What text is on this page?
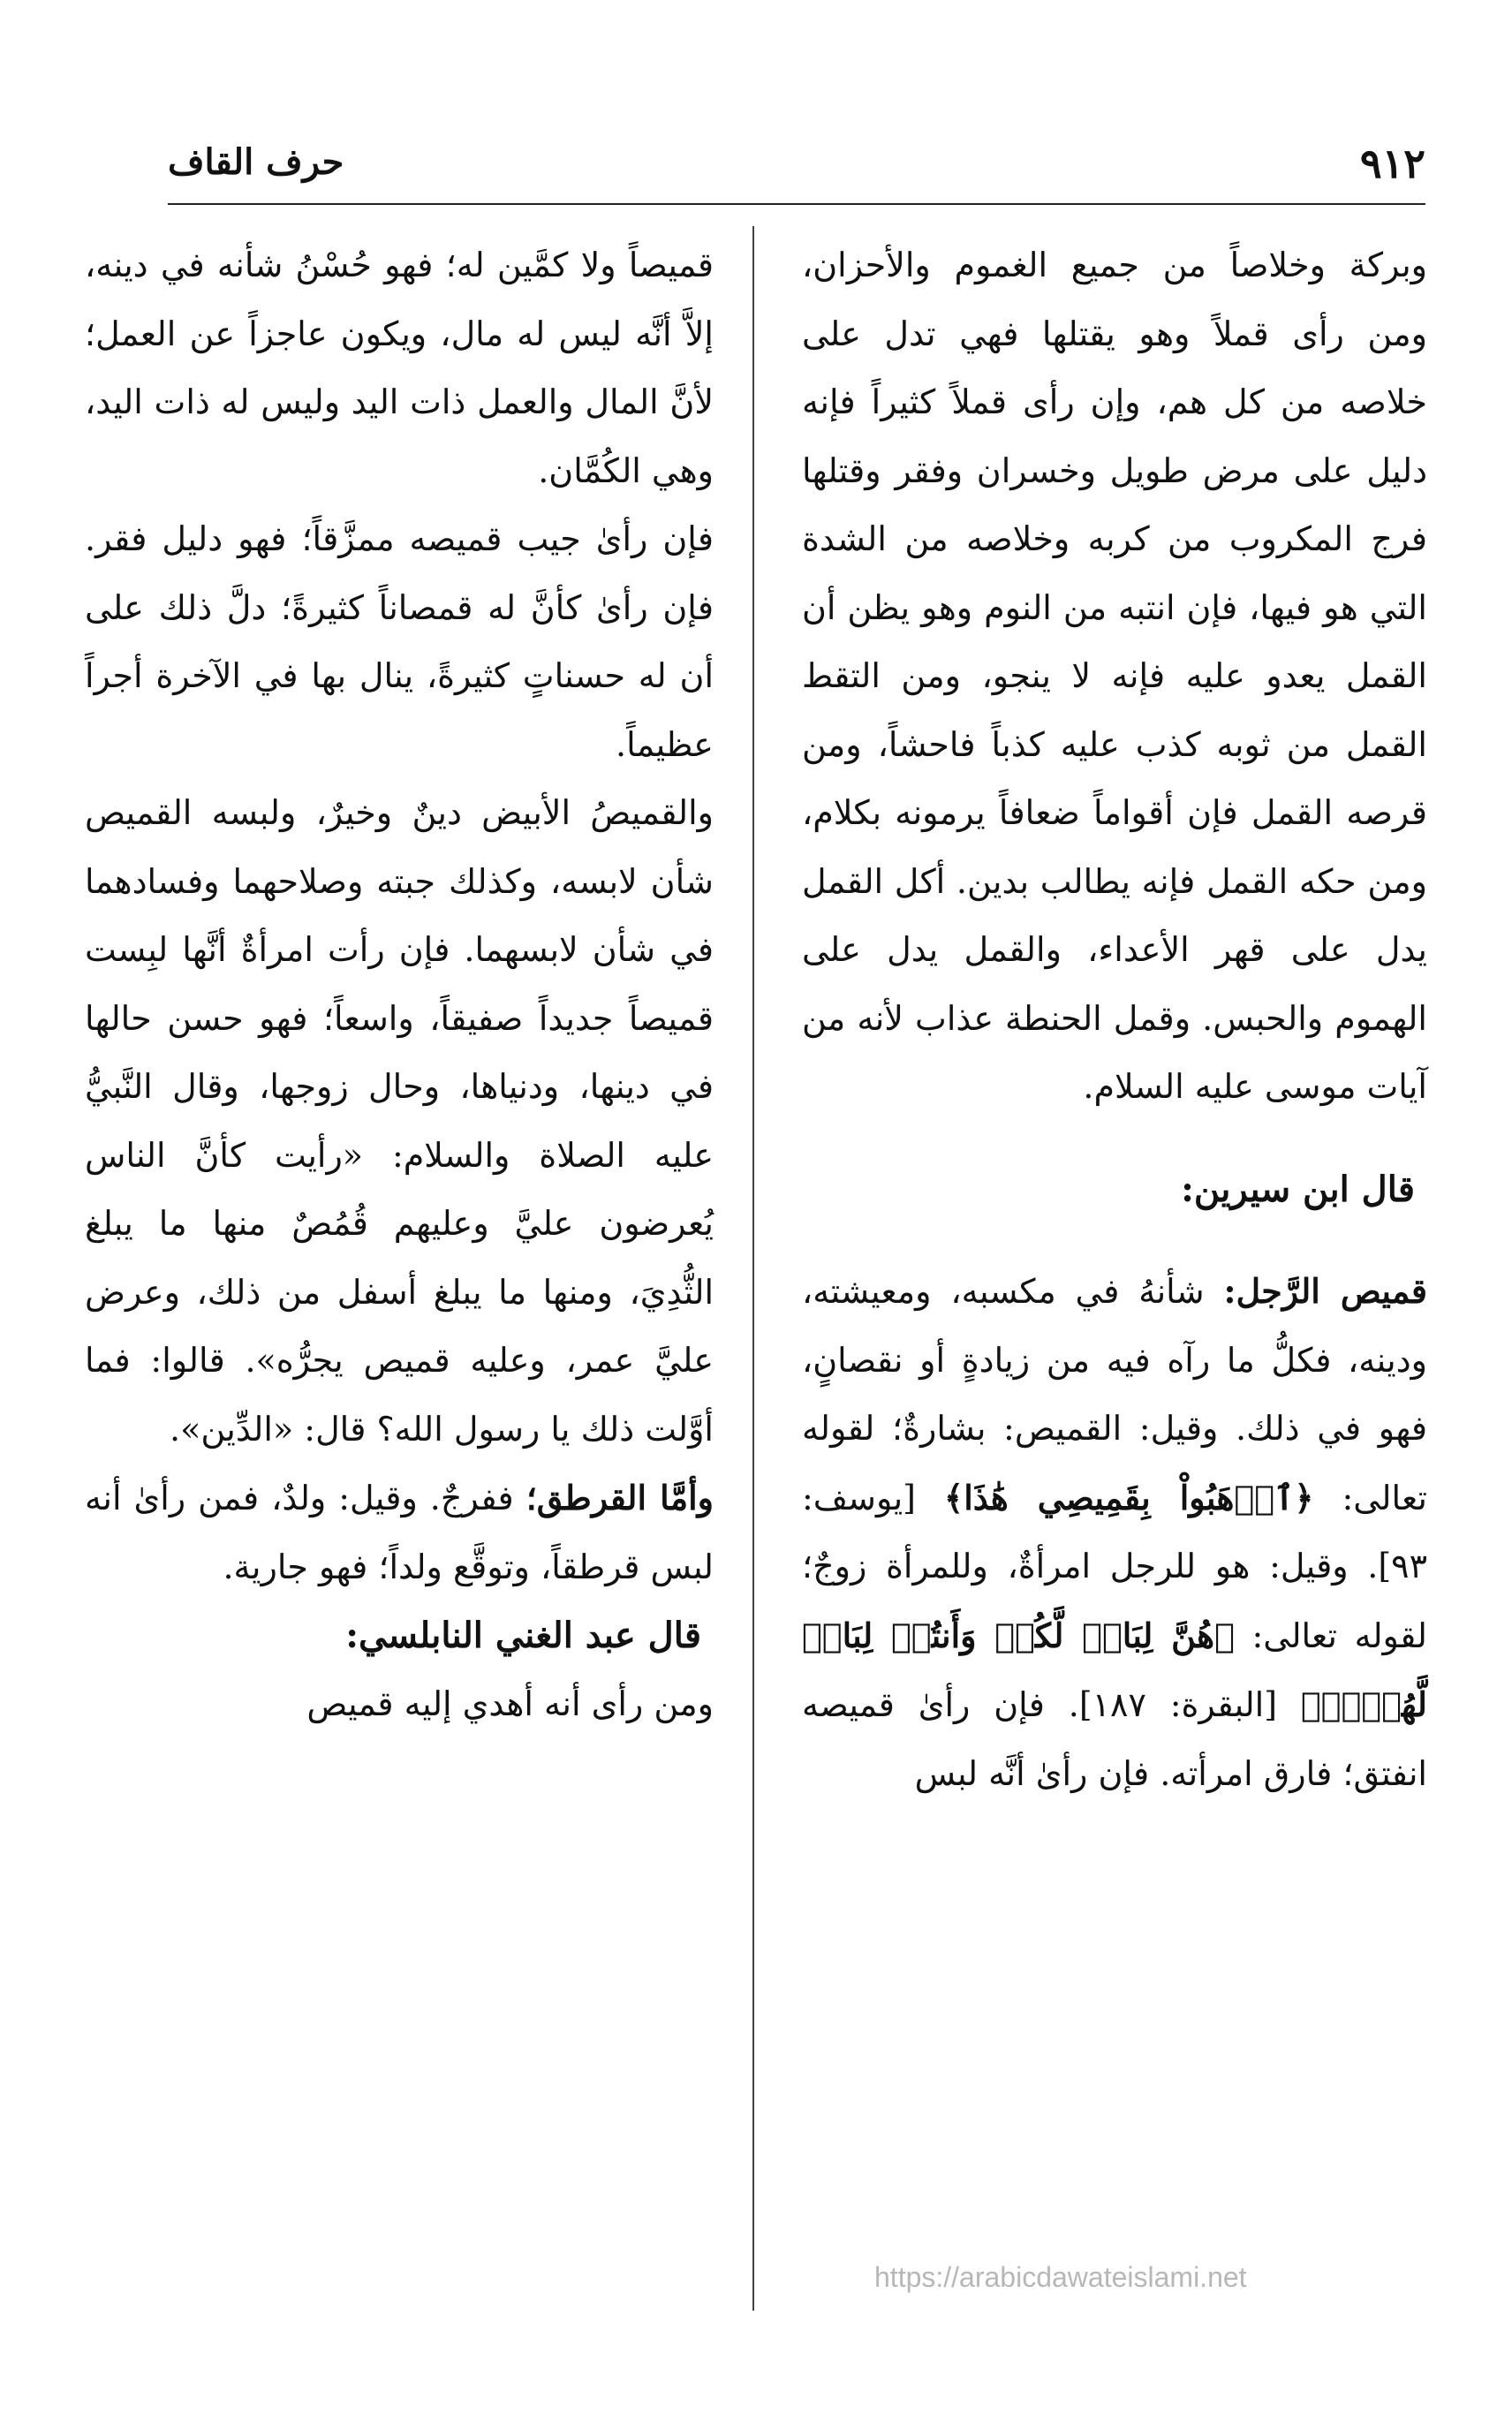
٩١٢
حرف القاف

وبركة وخلاصاً من جميع الغموم والأحزان، ومن رأى قملاً وهو يقتلها فهي تدل على خلاصه من كل هم، وإن رأى قملاً كثيراً فإنه دليل على مرض طويل وخسران وفقر وقتلها فرج المكروب من كربه وخلاصه من الشدة التي هو فيها، فإن انتبه من النوم وهو يظن أن القمل يعدو عليه فإنه لا ينجو، ومن التقط القمل من ثوبه كذب عليه كذباً فاحشاً، ومن قرصه القمل فإن أقواماً ضعافاً يرمونه بكلام، ومن حكه القمل فإنه يطالب بدين. أكل القمل يدل على قهر الأعداء، والقمل يدل على الهموم والحبس. وقمل الحنطة عذاب لأنه من آيات موسى عليه السلام.

قال ابن سيرين:

قميص الرَّجل: شأنهُ في مكسبه، ومعيشته، ودينه، فكلُّ ما رآه فيه من زيادةٍ أو نقصانٍ، فهو في ذلك. وقيل: القميص: بشارةٌ؛ لقوله تعالى: ﴿ٱذۡهَبُواْ بِقَمِيصِي هَٰذَا﴾ [يوسف: ٩٣]. وقيل: هو للرجل امرأةٌ، وللمرأة زوجٌ؛ لقوله تعالى: ﴿هُنَّ لِبَاسٞ لَّكُمۡ وَأَنتُمۡ لِبَاسٞ لَّهُنَّۗ﴾ [البقرة: ١٨٧]. فإن رأىٰ قميصه انفتق؛ فارق امرأته. فإن رأىٰ أنَّه لبس

قميصاً ولا كمَّين له؛ فهو حُسْنُ شأنه في دينه، إلاَّ أنَّه ليس له مال، ويكون عاجزاً عن العمل؛ لأنَّ المال والعمل ذات اليد وليس له ذات اليد، وهي الكُمَّان.

فإن رأىٰ جيب قميصه ممزَّقاً؛ فهو دليل فقر. فإن رأىٰ كأنَّ له قمصاناً كثيرةً؛ دلَّ ذلك على أن له حسناتٍ كثيرةً، ينال بها في الآخرة أجراً عظيماً.

والقميصُ الأبيض دينٌ وخيرٌ، ولبسه القميص شأن لابسه، وكذلك جبته وصلاحهما وفسادهما في شأن لابسهما. فإن رأت امرأةٌ أنَّها لبِست قميصاً جديداً صفيقاً، واسعاً؛ فهو حسن حالها في دينها، ودنياها، وحال زوجها، وقال النَّبيُّ عليه الصلاة والسلام: «رأيت كأنَّ الناس يُعرضون عليَّ وعليهم قُمُصٌ منها ما يبلغ الثُّدِيَ، ومنها ما يبلغ أسفل من ذلك، وعرض عليَّ عمر، وعليه قميص يجرُّه». قالوا: فما أوَّلت ذلك يا رسول الله؟ قال: «الدِّين».

وأمَّا القرطق؛ ففرجٌ. وقيل: ولدٌ، فمن رأىٰ أنه لبس قرطقاً، وتوقَّع ولداً؛ فهو جارية.

قال عبد الغني النابلسي:

ومن رأى أنه أهدي إليه قميص

https://arabicdawateislami.net
